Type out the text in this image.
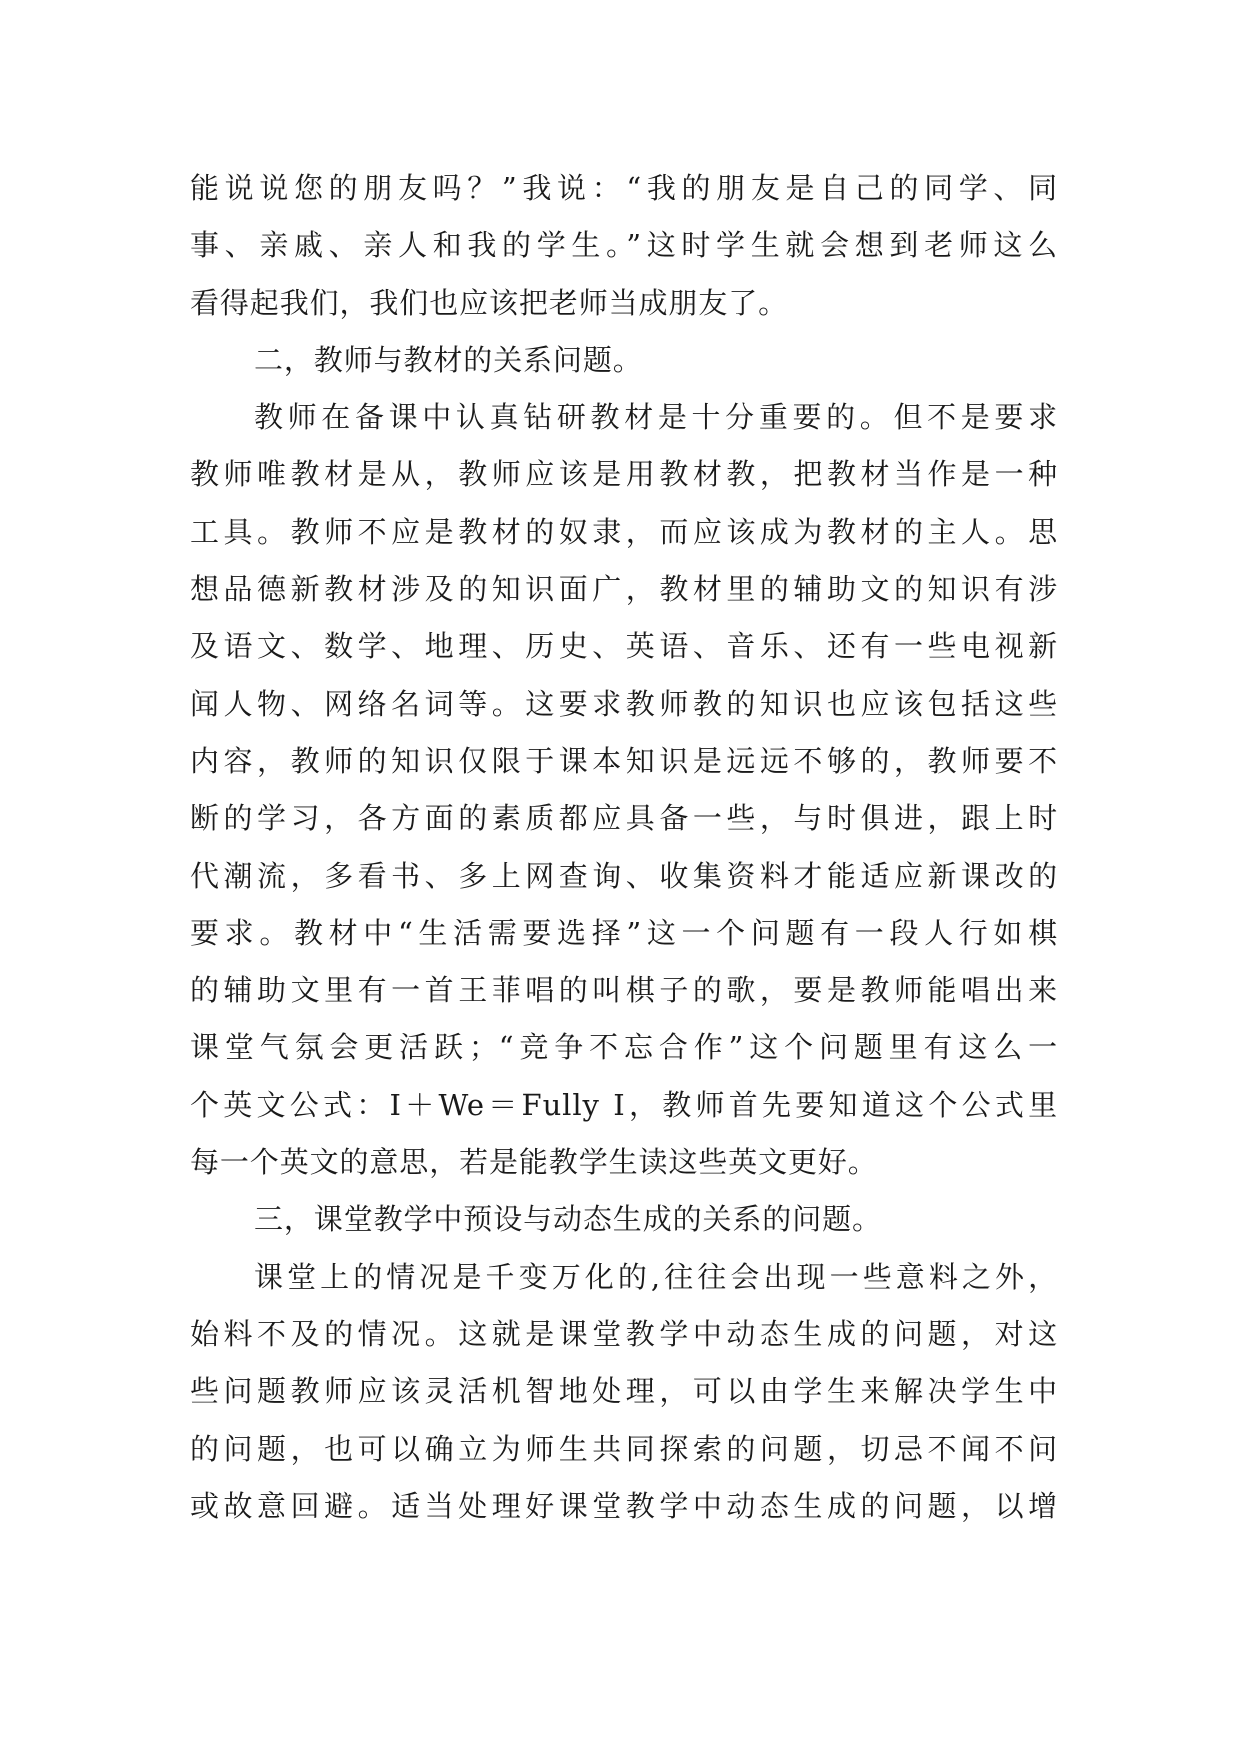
能说说您的朋友吗？”我说：“我的朋友是自己的同学、同
事、亲戚、亲人和我的学生。”这时学生就会想到老师这么
看得起我们，我们也应该把老师当成朋友了。
二，教师与教材的关系问题。
教师在备课中认真钻研教材是十分重要的。但不是要求
教师唯教材是从，教师应该是用教材教，把教材当作是一种
工具。教师不应是教材的奴隶，而应该成为教材的主人。思
想品德新教材涉及的知识面广，教材里的辅助文的知识有涉
及语文、数学、地理、历史、英语、音乐、还有一些电视新
闻人物、网络名词等。这要求教师教的知识也应该包括这些
内容，教师的知识仅限于课本知识是远远不够的，教师要不
断的学习，各方面的素质都应具备一些，与时俱进，跟上时
代潮流，多看书、多上网查询、收集资料才能适应新课改的
要求。教材中“生活需要选择”这一个问题有一段人行如棋
的辅助文里有一首王菲唱的叫棋子的歌，要是教师能唱出来
课堂气氛会更活跃；“竞争不忘合作”这个问题里有这么一
个英文公式：I＋We＝Fully I，教师首先要知道这个公式里
每一个英文的意思，若是能教学生读这些英文更好。
三，课堂教学中预设与动态生成的关系的问题。
课堂上的情况是千变万化的,往往会出现一些意料之外，
始料不及的情况。这就是课堂教学中动态生成的问题，对这
些问题教师应该灵活机智地处理，可以由学生来解决学生中
的问题，也可以确立为师生共同探索的问题，切忌不闻不问
或故意回避。适当处理好课堂教学中动态生成的问题，以增
